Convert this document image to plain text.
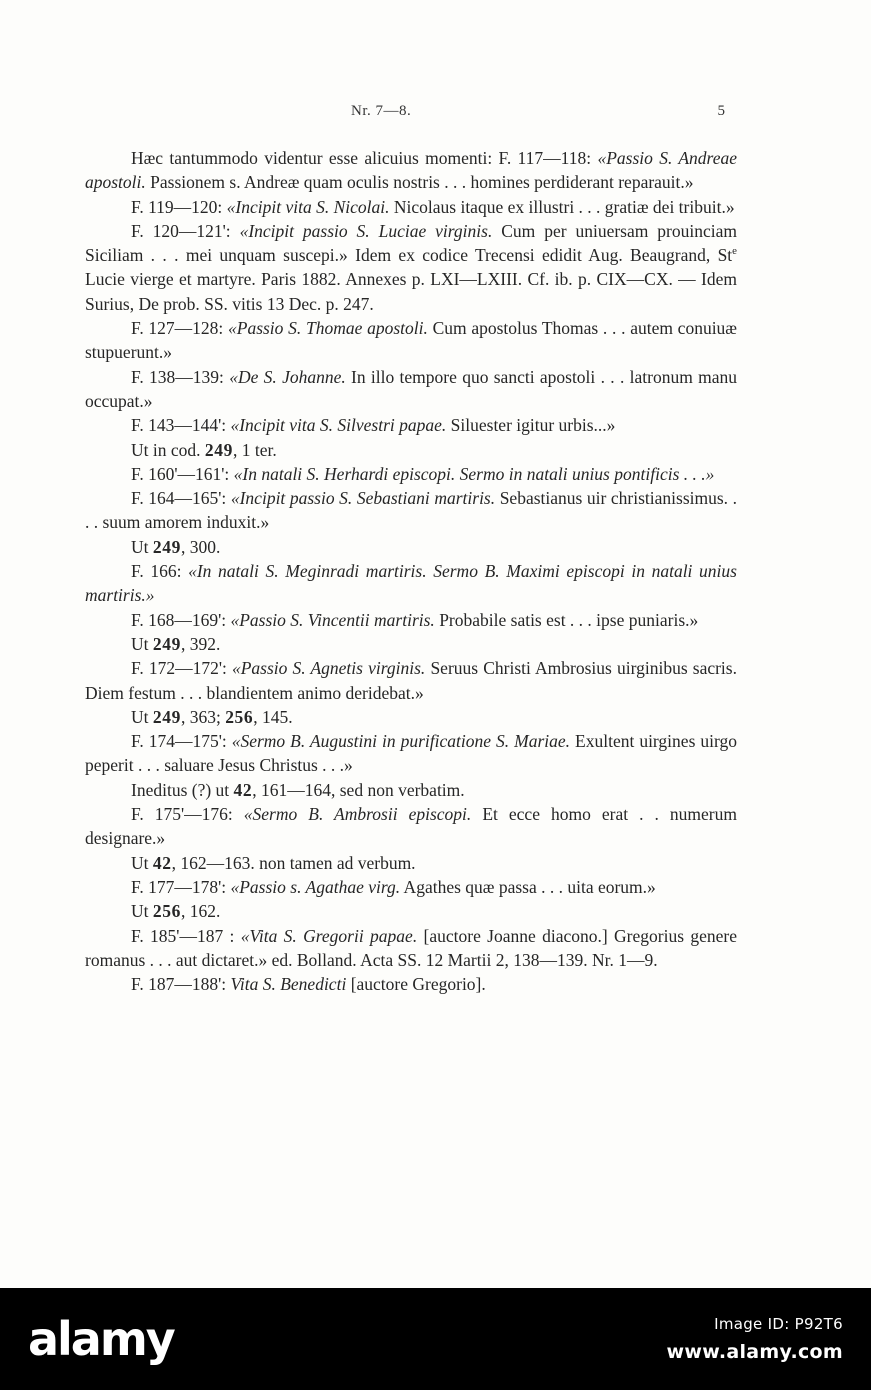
Nr. 7—8.	5

Hæc tantummodo videntur esse alicuius momenti: F. 117—118: «Passio S. Andreae apostoli. Passionem s. Andreæ quam oculis nostris . . . homines perdiderant reparauit.»

F. 119—120: «Incipit vita S. Nicolai. Nicolaus itaque ex illustri . . . gratiæ dei tribuit.»

F. 120—121': «Incipit passio S. Luciae virginis. Cum per uniuersam prouinciam Siciliam . . . mei unquam suscepi.» Idem ex codice Trecensi edidit Aug. Beaugrand, St$^e$ Lucie vierge et martyre. Paris 1882. Annexes p. LXI—LXIII. Cf. ib. p. CIX—CX. — Idem Surius, De prob. SS. vitis 13 Dec. p. 247.

F. 127—128: «Passio S. Thomae apostoli. Cum apostolus Thomas . . . autem conuiuæ stupuerunt.»

F. 138—139: «De S. Johanne. In illo tempore quo sancti apostoli . . . latronum manu occupat.»

F. 143—144': «Incipit vita S. Silvestri papae. Siluester igitur urbis...»

Ut in cod. 249, 1 ter.

F. 160'—161': «In natali S. Herhardi episcopi. Sermo in natali unius pontificis . . .»

F. 164—165': «Incipit passio S. Sebastiani martiris. Sebastianus uir christianissimus. . . . suum amorem induxit.»

Ut 249, 300.

F. 166: «In natali S. Meginradi martiris. Sermo B. Maximi episcopi in natali unius martiris.»

F. 168—169': «Passio S. Vincentii martiris. Probabile satis est . . . ipse puniaris.»

Ut 249, 392.

F. 172—172': «Passio S. Agnetis virginis. Seruus Christi Ambrosius uirginibus sacris. Diem festum . . . blandientem animo deridebat.»

Ut 249, 363; 256, 145.

F. 174—175': «Sermo B. Augustini in purificatione S. Mariae. Exultent uirgines uirgo peperit . . . saluare Jesus Christus . . .»

Ineditus (?) ut 42, 161—164, sed non verbatim.

F. 175'—176: «Sermo B. Ambrosii episcopi. Et ecce homo erat . . numerum designare.»

Ut 42, 162—163. non tamen ad verbum.

F. 177—178': «Passio s. Agathae virg. Agathes quæ passa . . . uita eorum.»

Ut 256, 162.

F. 185'—187 : «Vita S. Gregorii papae. [auctore Joanne diacono.] Gregorius genere romanus . . . aut dictaret.» ed. Bolland. Acta SS. 12 Martii 2, 138—139. Nr. 1—9.

F. 187—188': Vita S. Benedicti [auctore Gregorio].

alamy	Image ID: P92T6
www.alamy.com
